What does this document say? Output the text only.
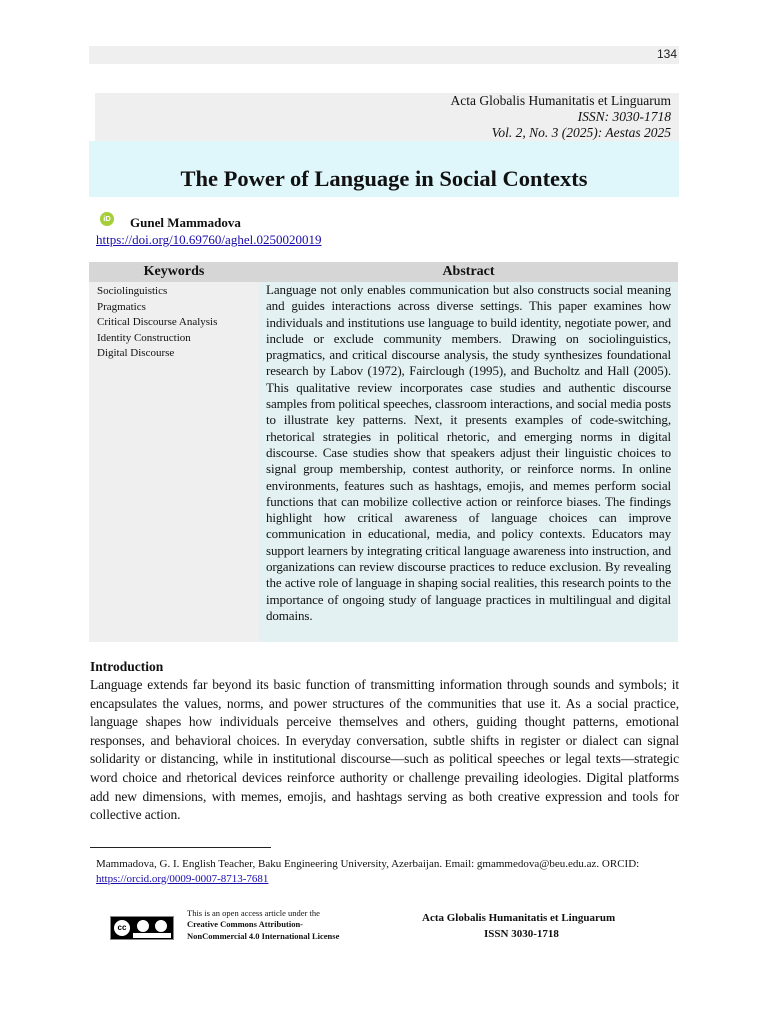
134
Acta Globalis Humanitatis et Linguarum
ISSN: 3030-1718
Vol. 2, No. 3 (2025): Aestas 2025
The Power of Language in Social Contexts
iD Gunel Mammadova
https://doi.org/10.69760/aghel.0250020019
Keywords	Abstract
Sociolinguistics
Pragmatics
Critical Discourse Analysis
Identity Construction
Digital Discourse
Language not only enables communication but also constructs social meaning and guides interactions across diverse settings. This paper examines how individuals and institutions use language to build identity, negotiate power, and include or exclude community members. Drawing on sociolinguistics, pragmatics, and critical discourse analysis, the study synthesizes foundational research by Labov (1972), Fairclough (1995), and Bucholtz and Hall (2005). This qualitative review incorporates case studies and authentic discourse samples from political speeches, classroom interactions, and social media posts to illustrate key patterns. Next, it presents examples of code-switching, rhetorical strategies in political rhetoric, and emerging norms in digital discourse. Case studies show that speakers adjust their linguistic choices to signal group membership, contest authority, or reinforce norms. In online environments, features such as hashtags, emojis, and memes perform social functions that can mobilize collective action or reinforce biases. The findings highlight how critical awareness of language choices can improve communication in educational, media, and policy contexts. Educators may support learners by integrating critical language awareness into instruction, and organizations can review discourse practices to reduce exclusion. By revealing the active role of language in shaping social realities, this research points to the importance of ongoing study of language practices in multilingual and digital domains.
Introduction
Language extends far beyond its basic function of transmitting information through sounds and symbols; it encapsulates the values, norms, and power structures of the communities that use it. As a social practice, language shapes how individuals perceive themselves and others, guiding thought patterns, emotional responses, and behavioral choices. In everyday conversation, subtle shifts in register or dialect can signal solidarity or distancing, while in institutional discourse—such as political speeches or legal texts—strategic word choice and rhetorical devices reinforce authority or challenge prevailing ideologies. Digital platforms add new dimensions, with memes, emojis, and hashtags serving as both creative expression and tools for collective action.
Mammadova, G. I. English Teacher, Baku Engineering University, Azerbaijan. Email: gmammedova@beu.edu.az. ORCID:
https://orcid.org/0009-0007-8713-7681
cc
This is an open access article under the
Creative Commons Attribution-
NonCommercial 4.0 International License
Acta Globalis Humanitatis et Linguarum
ISSN 3030-1718
